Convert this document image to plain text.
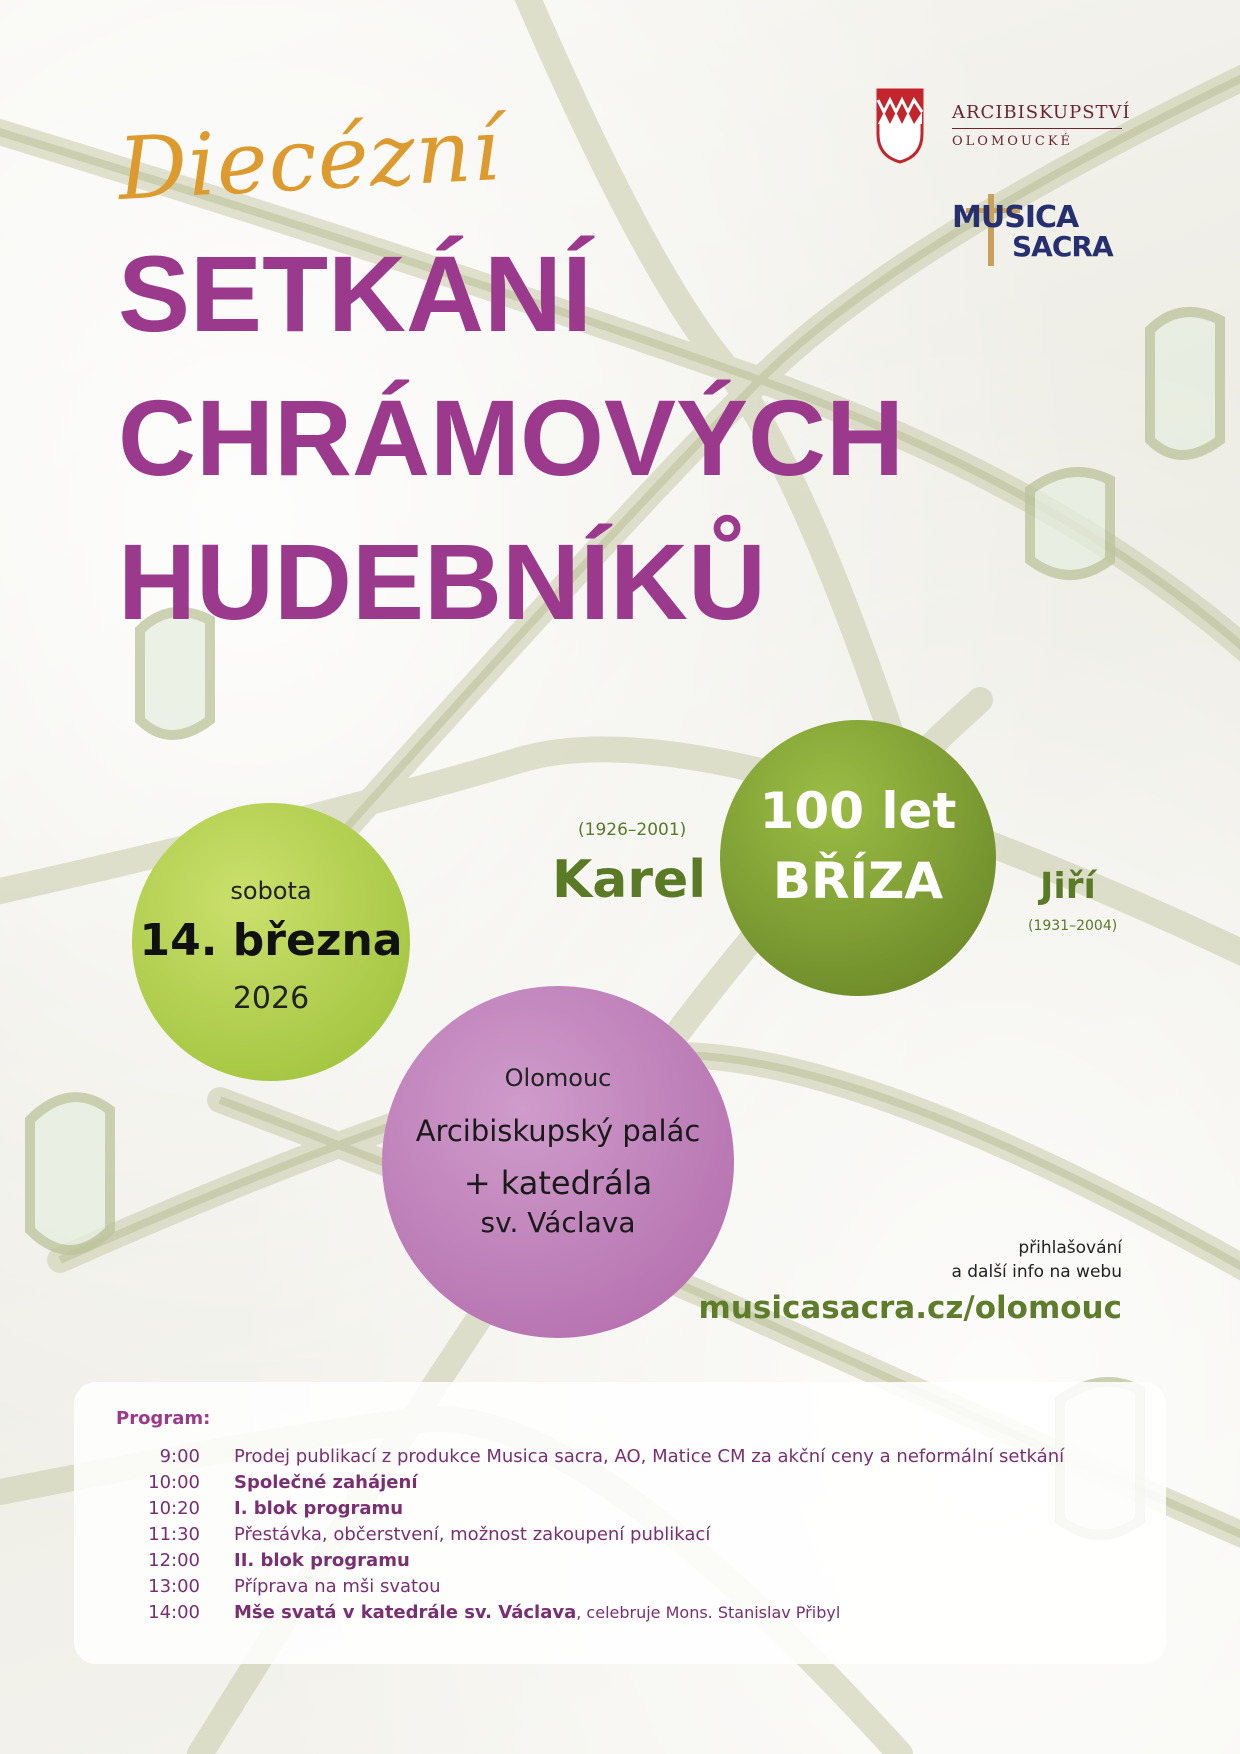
ARCIBISKUPSTVÍ
OLOMOUCKÉ
MUSICA
SACRA
Diecézní
SETKÁNÍ
CHRÁMOVÝCH
HUDEBNÍKŮ
sobota
14. března
2026
(1926–2001)
Karel
100 let
BŘÍZA	Jiří
(1931–2004)
Olomouc
Arcibiskupský palác
+ katedrála
sv. Václava
přihlašování
a další info na webu
musicasacra.cz/olomouc
Program:
9:00 Prodej publikací z produkce Musica sacra, AO, Matice CM za akční ceny a neformální setkání
10:00 Společné zahájení
10:20 I. blok programu
11:30 Přestávka, občerstvení, možnost zakoupení publikací
12:00 II. blok programu
13:00 Příprava na mši svatou
14:00 Mše svatá v katedrále sv. Václava, celebruje Mons. Stanislav Přibyl
